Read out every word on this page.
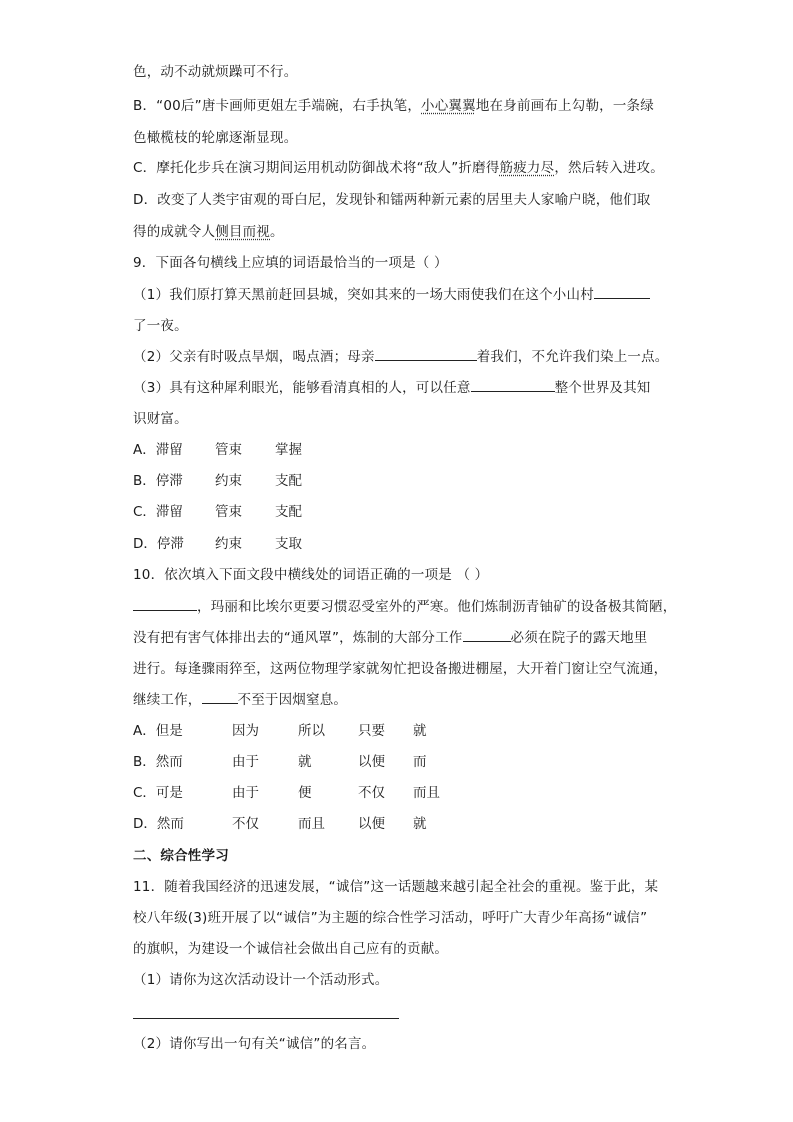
色，动不动就烦躁可不行。
B．“00后”唐卡画师更姐左手端碗，右手执笔，小心翼翼地在身前画布上勾勒，一条绿
色橄榄枝的轮廓逐渐显现。
C．摩托化步兵在演习期间运用机动防御战术将“敌人”折磨得筋疲力尽，然后转入进攻。
D．改变了人类宇宙观的哥白尼，发现钋和镭两种新元素的居里夫人家喻户晓，他们取
得的成就令人侧目而视。
9．下面各句横线上应填的词语最恰当的一项是（ ）
（1）我们原打算天黑前赶回县城，突如其来的一场大雨使我们在这个小山村
了一夜。
（2）父亲有时吸点旱烟，喝点酒；母亲	着我们，不允许我们染上一点。
（3）具有这种犀利眼光，能够看清真相的人，可以任意	整个世界及其知
识财富。
A．滞留 管束 掌握
B．停滞 约束 支配
C．滞留 管束 支配
D．停滞 约束 支取
10．依次填入下面文段中横线处的词语正确的一项是 （ ）
，玛丽和比埃尔更要习惯忍受室外的严寒。他们炼制沥青铀矿的设备极其简陋，
没有把有害气体排出去的“通风罩”，炼制的大部分工作	必须在院子的露天地里
进行。每逢骤雨猝至，这两位物理学家就匆忙把设备搬进棚屋，大开着门窗让空气流通，
继续工作，	不至于因烟窒息。
A．但是	因为	所以 只要 就
B．然而	由于	就	以便 而
C．可是	由于	便	不仅 而且
D．然而	不仅	而且 以便 就
二、综合性学习
11．随着我国经济的迅速发展，“诚信”这一话题越来越引起全社会的重视。鉴于此，某
校八年级(3)班开展了以“诚信”为主题的综合性学习活动，呼吁广大青少年高扬“诚信”
的旗帜，为建设一个诚信社会做出自己应有的贡献。
（1）请你为这次活动设计一个活动形式。
（2）请你写出一句有关“诚信”的名言。
